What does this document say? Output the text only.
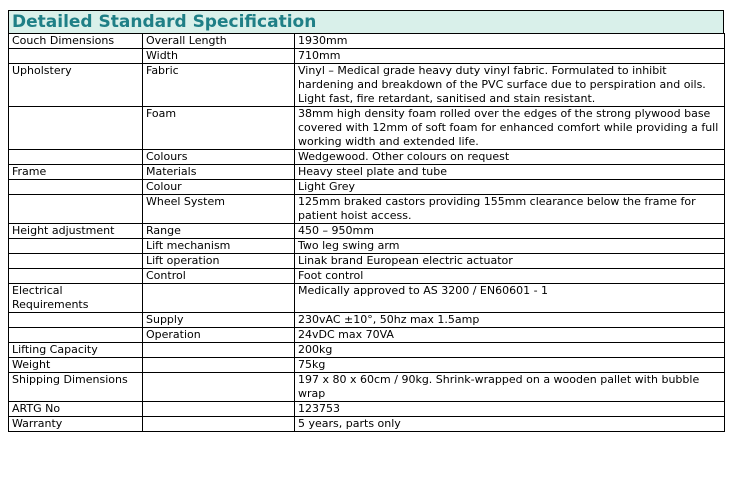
Detailed Standard Specification
Couch Dimensions	Overall Length	1930mm
	Width	710mm
Upholstery	Fabric	Vinyl – Medical grade heavy duty vinyl fabric. Formulated to inhibit hardening and breakdown of the PVC surface due to perspiration and oils. Light fast, fire retardant, sanitised and stain resistant.
	Foam	38mm high density foam rolled over the edges of the strong plywood base covered with 12mm of soft foam for enhanced comfort while providing a full working width and extended life.
	Colours	Wedgewood. Other colours on request
Frame	Materials	Heavy steel plate and tube
	Colour	Light Grey
	Wheel System	125mm braked castors providing 155mm clearance below the frame for patient hoist access.
Height adjustment	Range	450 – 950mm
	Lift mechanism	Two leg swing arm
	Lift operation	Linak brand European electric actuator
	Control	Foot control
Electrical Requirements		Medically approved to AS 3200 / EN60601 - 1
	Supply	230vAC ±10°, 50hz max 1.5amp
	Operation	24vDC max 70VA
Lifting Capacity		200kg
Weight		75kg
Shipping Dimensions		197 x 80 x 60cm / 90kg. Shrink-wrapped on a wooden pallet with bubble wrap
ARTG No		123753
Warranty		5 years, parts only
